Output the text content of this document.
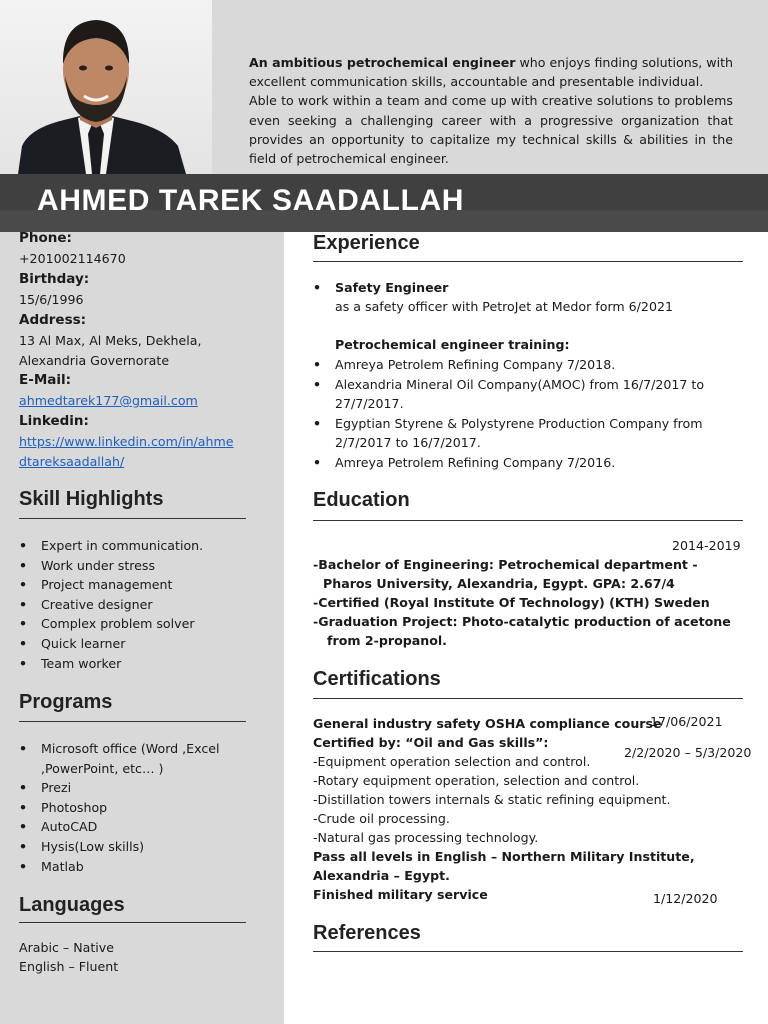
An ambitious petrochemical engineer who enjoys finding solutions, with excellent communication skills, accountable and presentable individual.
Able to work within a team and come up with creative solutions to problems even seeking a challenging career with a progressive organization that provides an opportunity to capitalize my technical skills & abilities in the field of petrochemical engineer.
AHMED TAREK SAADALLAH
Phone:
+201002114670
Birthday:
15/6/1996
Address:
13 Al Max, Al Meks, Dekhela,
Alexandria Governorate
E-Mail:
ahmedtarek177@gmail.com
Linkedin:
https://www.linkedin.com/in/ahme
dtareksaadallah/
Skill Highlights
• Expert in communication.
• Work under stress
• Project management
• Creative designer
• Complex problem solver
• Quick learner
• Team worker
Programs
• Microsoft office (Word ,Excel ,PowerPoint, etc… )
• Prezi
• Photoshop
• AutoCAD
• Hysis(Low skills)
• Matlab
Languages
Arabic – Native
English – Fluent
Experience
• Safety Engineer
as a safety officer with PetroJet at Medor form 6/2021
Petrochemical engineer training:
• Amreya Petrolem Refining Company 7/2018.
• Alexandria Mineral Oil Company(AMOC) from 16/7/2017 to 27/7/2017.
• Egyptian Styrene & Polystyrene Production Company from 2/7/2017 to 16/7/2017.
• Amreya Petrolem Refining Company 7/2016.
Education
2014-2019
-Bachelor of Engineering: Petrochemical department -
Pharos University, Alexandria, Egypt. GPA: 2.67/4
-Certified (Royal Institute Of Technology) (KTH) Sweden
-Graduation Project: Photo-catalytic production of acetone
from 2-propanol.
Certifications
General industry safety OSHA compliance course
17/06/2021
Certified by: “Oil and Gas skills”:
2/2/2020 – 5/3/2020
-Equipment operation selection and control.
-Rotary equipment operation, selection and control.
-Distillation towers internals & static refining equipment.
-Crude oil processing.
-Natural gas processing technology.
Pass all levels in English – Northern Military Institute, Alexandria – Egypt.
Finished military service	1/12/2020
References
